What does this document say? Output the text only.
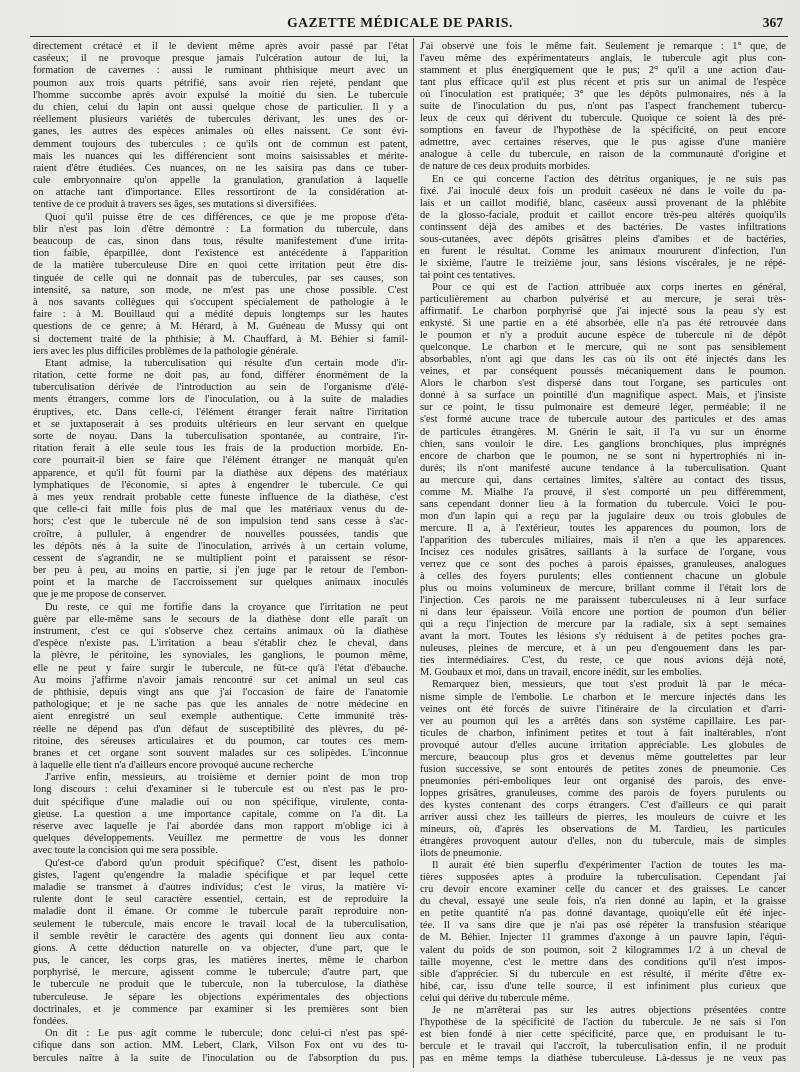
GAZETTE MÉDICALE DE PARIS.	367
directement crétacé et il le devient même après avoir passé par l'état
caséeux; il ne provoque presque jamais l'ulcération autour de lui, la
formation de cavernes : aussi le ruminant phthisique meurt avec un
poumon aux trois quarts pétrifié, sans avoir rien rejeté, pendant que
l'homme succombe après avoir expulsé la moitié du sien. Le tubercule
du chien, celui du lapin ont aussi quelque chose de particulier. Il y a
réellement plusieurs variétés de tubercules dérivant, les unes des or-
ganes, les autres des espèces animales où elles naissent. Ce sont évi-
demment toujours des tubercules : ce qu'ils ont de commun est patent,
mais les nuances qui les différencient sont moins saisissables et mérite-
raient d'être étudiées. Ces nuances, on ne les saisira pas dans ce tuber-
cule embryonnaire qu'on appelle la granulation, granulation à laquelle
on attache tant d'importance. Elles ressortiront de la considération at-
tentive de ce produit à travers ses âges, ses mutations si diversifiées.
Quoi qu'il puisse être de ces différences, ce que je me propose d'éta-
blir n'est pas loin d'être démontré : La formation du tubercule, dans
beaucoup de cas, sinon dans tous, résulte manifestement d'une irrita-
tion faible, éparpillée, dont l'existence est antécédente à l'apparition
de la matière tuberculeuse Dire en quoi cette irritation peut être dis-
tinguée de celle qui ne donnait pas de tubercules, par ses causes, son
intensité, sa nature, son mode, ne m'est pas une chose possible. C'est
à nos savants collègues qui s'occupent spécialement de pathologie à le
faire : à M. Bouillaud qui a médité depuis longtemps sur les hautes
questions de ce genre; à M. Hérard, à M. Guéneau de Mussy qui ont
si doctement traité de la phthisie; à M. Chauffard, à M. Béhier si famil-
iers avec les plus difficiles problèmes de la pathologie générale.
Etant admise, la tuberculisation qui résulte d'un certain mode d'ir-
ritation, cette forme ne doit pas, au fond, différer énormément de la
tuberculisation dérivée de l'introduction au sein de l'organisme d'élé-
ments étrangers, comme lors de l'inoculation, ou à la suite de maladies
éruptives, etc. Dans celle-ci, l'élément étranger ferait naître l'irritation
et se juxtaposerait à ses produits ultérieurs en leur servant en quelque
sorte de noyau. Dans la tuberculisation spontanée, au contraire, l'ir-
ritation ferait à elle seule tous les frais de la production morbide. En-
core pourrait-il bien se faire que l'élément étranger ne manquât qu'en
apparence, et qu'il fût fourni par la diathèse aux dépens des matériaux
lymphatiques de l'économie, si aptes à engendrer le tubercule. Ce qui
à mes yeux rendrait probable cette funeste influence de la diathèse, c'est
que celle-ci fait mille fois plus de mal que les matériaux venus du de-
hors; c'est que le tubercule né de son impulsion tend sans cesse à s'ac-
croître, à pulluler, à engendrer de nouvelles poussées, tandis que
les dépôts nés à la suite de l'inoculation, arrivés à un certain volume,
cessent de s'agrandir, ne se multiplient point et paraissent se résor-
ber peu à peu, au moins en partie, si j'en juge par le retour de l'embon-
point et la marche de l'accroissement sur quelques animaux inoculés
que je me propose de conserver.
Du reste, ce qui me fortifie dans la croyance que l'irritation ne peut
guère par elle-même sans le secours de la diathèse dont elle paraît un
instrument, c'est ce qui s'observe chez certains animaux où la diathèse
d'espèce n'existe pas. L'irritation a beau s'établir chez le cheval, dans
la plèvre, le péritoine, les synoviales, les ganglions, le poumon même,
elle ne peut y faire surgir le tubercule, ne fût-ce qu'à l'état d'ébauche.
Au moins j'affirme n'avoir jamais rencontré sur cet animal un seul cas
de phthisie, depuis vingt ans que j'ai l'occasion de faire de l'anatomie
pathologique; et je ne sache pas que les annales de notre médecine en
aient enregistré un seul exemple authentique. Cette immunité très-
réelle ne dépend pas d'un défaut de susceptibilité des plèvres, du pé-
ritoine, des séreuses articulaires et du poumon, car toutes ces mem-
branes et cet organe sont souvent malades sur ces solipèdes. L'inconnue
à laquelle elle tient n'a d'ailleurs encore provoqué aucune recherche
J'arrive enfin, messieurs, au troisième et dernier point de mon trop
long discours : celui d'examiner si le tubercule est ou n'est pas le pro-
duit spécifique d'une maladie oui ou non spécifique, virulente, conta-
gieuse. La question a une importance capitale, comme on l'a dit. La
réserve avec laquelle je l'ai abordée dans mon rapport m'oblige ici à
quelques développements. Veuillez me permettre de vous les donner
avec toute la concision qui me sera possible.
Qu'est-ce d'abord qu'un produit spécifique? C'est, disent les patholo-
gistes, l'agent qu'engendre la maladie spécifique et par lequel cette
maladie se transmet à d'autres individus; c'est le virus, la matière vi-
rulente dont le seul caractère essentiel, certain, est de reproduire la
maladie dont il émane. Or comme le tubercule paraît reproduire non-
seulement le tubercule, mais encore le travail local de la tuberculisation,
il semble revêtir le caractère des agents qui donnent lieu aux conta-
gions. A cette déduction naturelle on va objecter, d'une part, que le
pus, le cancer, les corps gras, les matières inertes, même le charbon
porphyrisé, le mercure, agissent comme le tubercule; d'autre part, que
le tubercule ne produit que le tubercule, non la tuberculose, la diathèse
tuberculeuse. Je sépare les objections expérimentales des objections
doctrinales, et je commence par examiner si les premières sont bien
fondées.
On dit : Le pus agit comme le tubercule; donc celui-ci n'est pas spé-
cifique dans son action. MM. Lebert, Clark, Vilson Fox ont vu des tu-
bercules naître à la suite de l'inoculation ou de l'absorption du pus.
J'ai observé une fois le même fait. Seulement je remarque : 1° que, de
l'aveu même des expérimentateurs anglais, le tubercule agit plus con-
stamment et plus énergiquement que le pus; 2° qu'il a une action d'au-
tant plus efficace qu'il est plus récent et pris sur un animal de l'espèce
où l'inoculation est pratiquée; 3° que les dépôts pulmonaires, nés à la
suite de l'inoculation du pus, n'ont pas l'aspect franchement tubercu-
leux de ceux qui dérivent du tubercule. Quoique ce soient là des pré-
somptions en faveur de l'hypothèse de la spécificité, on peut encore
admettre, avec certaines réserves, que le pus agisse d'une manière
analogue à celle du tubercule, en raison de la communauté d'origine et
de nature de ces deux produits morbides.
En ce qui concerne l'action des détritus organiques, je ne suis pas
fixé. J'ai inoculé deux fois un produit caséeux né dans le voile du pa-
lais et un caillot modifié, blanc, caséeux aussi provenant de la phlébite
de la glosso-faciale, produit et caillot encore très-peu altérés quoiqu'ils
continssent déjà des amibes et des bactéries. De vastes infiltrations
sous-cutanées, avec dépôts grisâtres pleins d'amibes et de bactéries,
en furent le résultat. Comme les animaux moururent d'infection, l'un
le sixième, l'autre le treizième jour, sans lésions viscérales, je ne répé-
tai point ces tentatives.
Pour ce qui est de l'action attribuée aux corps inertes en général,
particulièrement au charbon pulvérisé et au mercure, je serai très-
affirmatif. Le charbon porphyrisé que j'ai injecté sous la peau s'y est
enkysté. Si une partie en a été absorbée, elle n'a pas été retrouvée dans
le poumon et n'y a produit aucune espèce de tubercule ni de dépôt
quelconque. Le charbon et le mercure, qui ne sont pas sensiblement
absorbables, n'ont agi que dans les cas où ils ont été injectés dans les
veines, et par conséquent poussés mécaniquement dans le poumon.
Alors le charbon s'est dispersé dans tout l'organe, ses particules ont
donné à sa surface un pointillé d'un magnifique aspect. Mais, et j'insiste
sur ce point, le tissu pulmonaire est demeuré léger, perméable; il ne
s'est formé aucune trace de tubercule autour des particules et des amas
de particules étrangères. M. Gnérin le sait, il l'a vu sur un énorme
chien, sans vouloir le dire. Les ganglions bronchiques, plus imprégnés
encore de charbon que le poumon, ne se sont ni hypertrophiés ni in-
durés; ils n'ont manifesté aucune tendance à la tuberculisation. Quant
au mercure qui, dans certaines limites, s'altère au contact des tissus,
comme M. Mialhe l'a prouvé, il s'est comporté un peu différemment,
sans cependant donner lieu à la formation du tubercule. Voici le pou-
mon d'un lapin qui a reçu par la jugulaire deux ou trois globules de
mercure. Il a, à l'extérieur, toutes les apparences du poumon, lors de
l'apparition des tubercules miliaires, mais il n'en a que les apparences.
Incisez ces nodules grisâtres, saillants à la surface de l'organe, vous
verrez que ce sont des poches à parois épaisses, granuleuses, analogues
à celles des foyers purulents; elles contiennent chacune un globule
plus ou moins volumineux de mercure, brillant comme il l'était lors de
l'injection. Ces parois ne me paraissent tuberculeuses ni à leur surface
ni dans leur épaisseur. Voilà encore une portion de poumon d'un bélier
qui a reçu l'injection de mercure par la radiale, six à sept semaines
avant la mort. Toutes les lésions s'y réduisent à de petites poches gra-
nuleuses, pleines de mercure, et à un peu d'engouement dans les par-
ties intermédiaires. C'est, du reste, ce que nous avions déjà noté,
M. Goubaux et moi, dans un travail, encore inédit, sur les embolies.
Remarquez bien, messieurs, que tout s'est produit là par le méca-
nisme simple de l'embolie. Le charbon et le mercure injectés dans les
veines ont été forcés de suivre l'itinéraire de la circulation et d'arri-
ver au poumon qui les a arrêtés dans son système capillaire. Les par-
ticules de charbon, infiniment petites et tout à fait inaltérables, n'ont
provoqué autour d'elles aucune irritation appréciable. Les globules de
mercure, beaucoup plus gros et devenus même gouttelettes par leur
fusion successive, se sont entourés de petites zones de pneumonie. Ces
pneumonies péri-emboliques leur ont organisé des parois, des enve-
loppes grisâtres, granuleuses, comme des parois de foyers purulents ou
des kystes contenant des corps étrangers. C'est d'ailleurs ce qui parait
arriver aussi chez les tailleurs de pierres, les mouleurs de cuivre et les
mineurs, où, d'après les observations de M. Tardieu, les particules
étrangères provoquent autour d'elles, non du tubercule, mais de simples
ilots de pneumonie.
Il aurait été bien superflu d'expérimenter l'action de toutes les ma-
tières supposées aptes à produire la tuberculisation. Cependant j'ai
cru devoir encore examiner celle du cancer et des graisses. Le cancer
du cheval, essayé une seule fois, n'a rien donné au lapin, et la graisse
en petite quantité n'a pas donné davantage, quoiqu'elle eût été injec-
tée. Il va sans dire que je n'ai pas osé répéter la transfusion stéarique
de M. Béhier. Injecter 11 grammes d'axonge à un pauvre lapin, l'équi-
valent du poids de son poumon, soit 2 kilogrammes 1/2 à un cheval de
taille moyenne, c'est le mettre dans des conditions qu'il n'est impos-
sible d'apprécier. Si du tubercule en est résulté, il mérite d'être ex-
hibé, car, issu d'une telle source, il est infiniment plus curieux que
celui qui dérive du tubercule même.
Je ne m'arrêterai pas sur les autres objections présentées contre
l'hypothèse de la spécificité de l'action du tubercule. Je ne sais si l'on
est bien fondé à nier cette spécificité, parce que, en produisant le tu-
bercule et le travail qui l'accroît, la tuberculisation enfin, il ne produit
pas en même temps la diathèse tuberculeuse. Là-dessus je ne veux pas
